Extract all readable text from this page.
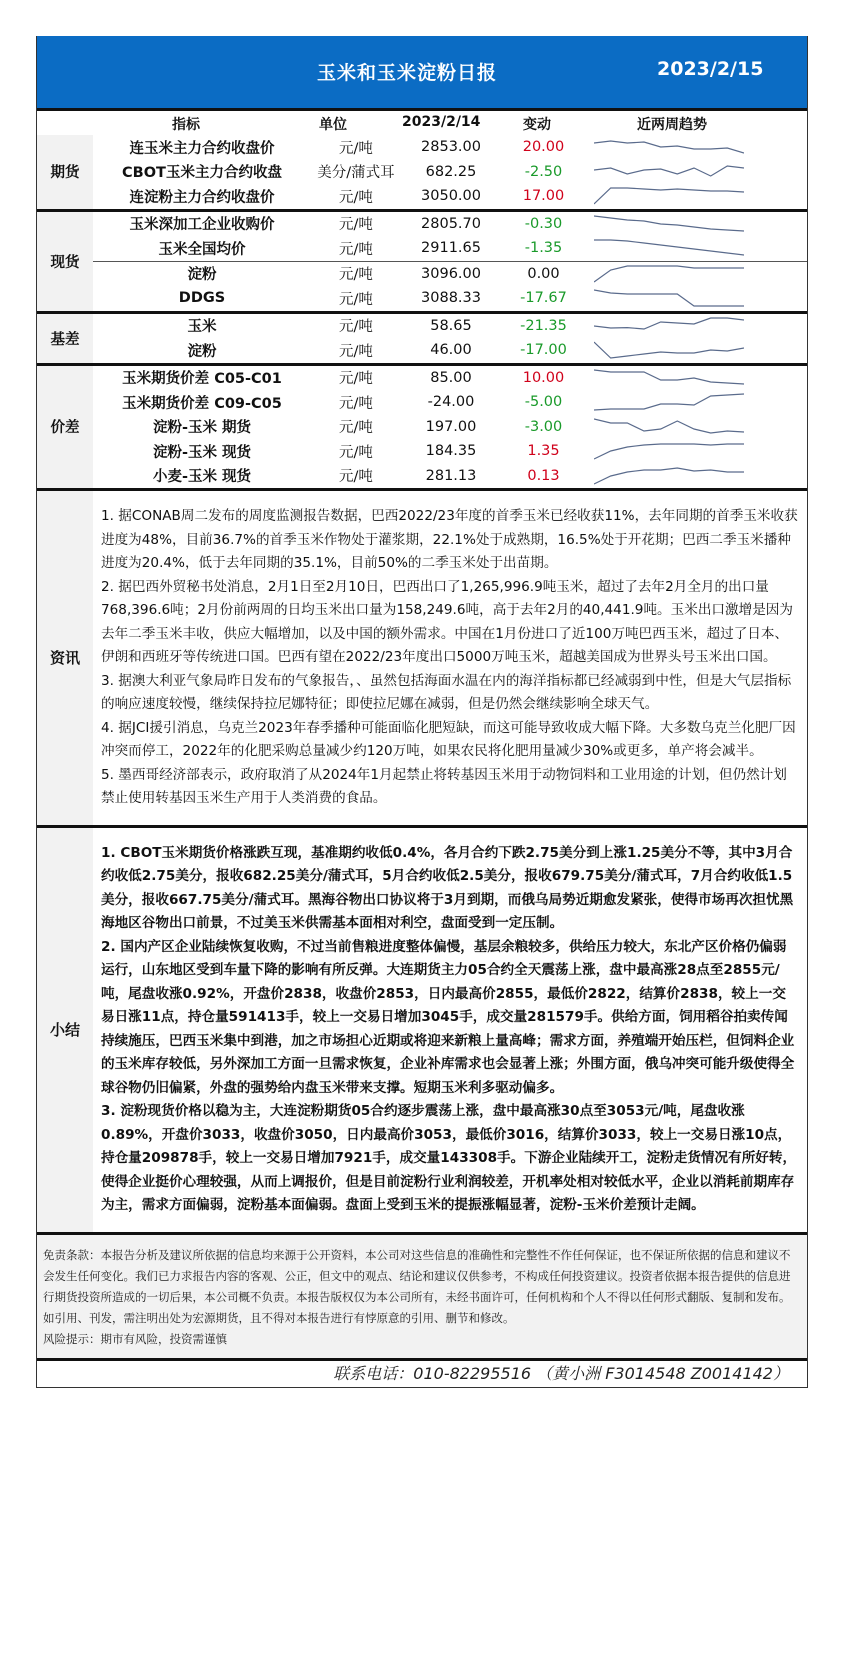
玉米和玉米淀粉日报	2023/2/15
指标	单位	2023/2/14	变动	近两周趋势
期货	连玉米主力合约收盘价	元/吨	2853.00	20.00	

	CBOT玉米主力合约收盘	美分/蒲式耳	682.25	-2.50	

	连淀粉主力合约收盘价	元/吨	3050.00	17.00	

现货	玉米深加工企业收购价	元/吨	2805.70	-0.30	

	玉米全国均价	元/吨	2911.65	-1.35	

	淀粉	元/吨	3096.00	0.00	

	DDGS	元/吨	3088.33	-17.67	

基差	玉米	元/吨	58.65	-21.35	

	淀粉	元/吨	46.00	-17.00	

价差	玉米期货价差 C05-C01	元/吨	85.00	10.00	

	玉米期货价差 C09-C05	元/吨	-24.00	-5.00	

	淀粉-玉米 期货	元/吨	197.00	-3.00	

	淀粉-玉米 现货	元/吨	184.35	1.35	

	小麦-玉米 现货	元/吨	281.13	0.13	
资讯

1. 据CONAB周二发布的周度监测报告数据，巴西2022/23年度的首季玉米已经收获11%，去年同期的首季玉米收获进度为48%，目前36.7%的首季玉米作物处于灌浆期，22.1%处于成熟期，16.5%处于开花期；巴西二季玉米播种进度为20.4%，低于去年同期的35.1%，目前50%的二季玉米处于出苗期。

2. 据巴西外贸秘书处消息，2月1日至2月10日，巴西出口了1,265,996.9吨玉米，超过了去年2月全月的出口量768,396.6吨；2月份前两周的日均玉米出口量为158,249.6吨，高于去年2月的40,441.9吨。玉米出口激增是因为去年二季玉米丰收，供应大幅增加，以及中国的额外需求。中国在1月份进口了近100万吨巴西玉米，超过了日本、伊朗和西班牙等传统进口国。巴西有望在2022/23年度出口5000万吨玉米，超越美国成为世界头号玉米出口国。

3. 据澳大利亚气象局昨日发布的气象报告，、虽然包括海面水温在内的海洋指标都已经减弱到中性，但是大气层指标的响应速度较慢，继续保持拉尼娜特征；即使拉尼娜在减弱，但是仍然会继续影响全球天气。

4. 据JCI援引消息，乌克兰2023年春季播种可能面临化肥短缺，而这可能导致收成大幅下降。大多数乌克兰化肥厂因冲突而停工，2022年的化肥采购总量减少约120万吨，如果农民将化肥用量减少30%或更多，单产将会减半。

5. 墨西哥经济部表示，政府取消了从2024年1月起禁止将转基因玉米用于动物饲料和工业用途的计划，但仍然计划禁止使用转基因玉米生产用于人类消费的食品。

小结

1. CBOT玉米期货价格涨跌互现，基准期约收低0.4%，各月合约下跌2.75美分到上涨1.25美分不等，其中3月合约收低2.75美分，报收682.25美分/蒲式耳，5月合约收低2.5美分，报收679.75美分/蒲式耳，7月合约收低1.5美分，报收667.75美分/蒲式耳。黑海谷物出口协议将于3月到期，而俄乌局势近期愈发紧张，使得市场再次担忧黑海地区谷物出口前景，不过美玉米供需基本面相对利空，盘面受到一定压制。

2. 国内产区企业陆续恢复收购，不过当前售粮进度整体偏慢，基层余粮较多，供给压力较大，东北产区价格仍偏弱运行，山东地区受到车量下降的影响有所反弹。大连期货主力05合约全天震荡上涨，盘中最高涨28点至2855元/吨，尾盘收涨0.92%，开盘价2838，收盘价2853，日内最高价2855，最低价2822，结算价2838，较上一交易日涨11点，持仓量591413手，较上一交易日增加3045手，成交量281579手。供给方面，饲用稻谷拍卖传闻持续施压，巴西玉米集中到港，加之市场担心近期或将迎来新粮上量高峰；需求方面，养殖端开始压栏，但饲料企业的玉米库存较低，另外深加工方面一旦需求恢复，企业补库需求也会显著上涨；外围方面，俄乌冲突可能升级使得全球谷物仍旧偏紧，外盘的强势给内盘玉米带来支撑。短期玉米利多驱动偏多。

3. 淀粉现货价格以稳为主，大连淀粉期货05合约逐步震荡上涨，盘中最高涨30点至3053元/吨，尾盘收涨0.89%，开盘价3033，收盘价3050，日内最高价3053，最低价3016，结算价3033，较上一交易日涨10点，持仓量209878手，较上一交易日增加7921手，成交量143308手。下游企业陆续开工，淀粉走货情况有所好转，使得企业挺价心理较强，从而上调报价，但是目前淀粉行业利润较差，开机率处相对较低水平，企业以消耗前期库存为主，需求方面偏弱，淀粉基本面偏弱。盘面上受到玉米的提振涨幅显著，淀粉-玉米价差预计走阔。

免责条款：本报告分析及建议所依据的信息均来源于公开资料，本公司对这些信息的准确性和完整性不作任何保证，也不保证所依据的信息和建议不会发生任何变化。我们已力求报告内容的客观、公正，但文中的观点、结论和建议仅供参考，不构成任何投资建议。投资者依据本报告提供的信息进行期货投资所造成的一切后果，本公司概不负责。本报告版权仅为本公司所有，未经书面许可，任何机构和个人不得以任何形式翻版、复制和发布。如引用、刊发，需注明出处为宏源期货，且不得对本报告进行有悖原意的引用、删节和修改。
风险提示：期市有风险，投资需谨慎
联系电话：010-82295516 （黄小洲 F3014548 Z0014142）
